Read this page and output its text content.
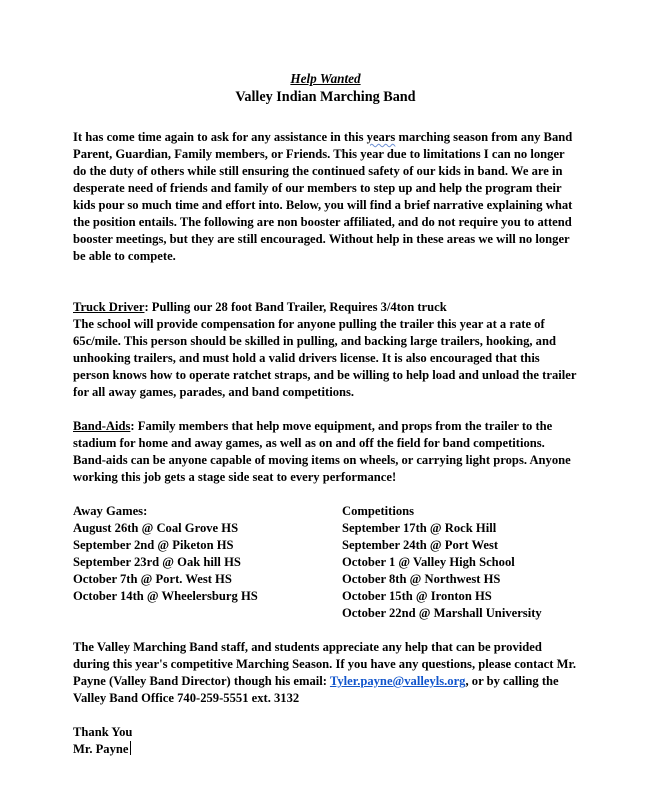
Help Wanted
Valley Indian Marching Band

It has come time again to ask for any assistance in this years marching season from any Band Parent, Guardian, Family members, or Friends. This year due to limitations I can no longer do the duty of others while still ensuring the continued safety of our kids in band. We are in desperate need of friends and family of our members to step up and help the program their kids pour so much time and effort into. Below, you will find a brief narrative explaining what the position entails. The following are non booster affiliated, and do not require you to attend booster meetings, but they are still encouraged. Without help in these areas we will no longer be able to compete.

Truck Driver: Pulling our 28 foot Band Trailer, Requires 3/4ton truck

The school will provide compensation for anyone pulling the trailer this year at a rate of 65c/mile. This person should be skilled in pulling, and backing large trailers, hooking, and unhooking trailers, and must hold a valid drivers license. It is also encouraged that this person knows how to operate ratchet straps, and be willing to help load and unload the trailer for all away games, parades, and band competitions.

Band-Aids: Family members that help move equipment, and props from the trailer to the stadium for home and away games, as well as on and off the field for band competitions. Band-aids can be anyone capable of moving items on wheels, or carrying light props. Anyone working this job gets a stage side seat to every performance!

Away Games:
August 26th @ Coal Grove HS
September 2nd @ Piketon HS
September 23rd @ Oak hill HS
October 7th @ Port. West HS
October 14th @ Wheelersburg HS
Competitions
September 17th @ Rock Hill
September 24th @ Port West
October 1 @ Valley High School
October 8th @ Northwest HS
October 15th @ Ironton HS
October 22nd @ Marshall University

The Valley Marching Band staff, and students appreciate any help that can be provided during this year's competitive Marching Season. If you have any questions, please contact Mr. Payne (Valley Band Director) though his email: Tyler.payne@valleyls.org, or by calling the Valley Band Office 740-259-5551 ext. 3132

Thank You
Mr. Payne
